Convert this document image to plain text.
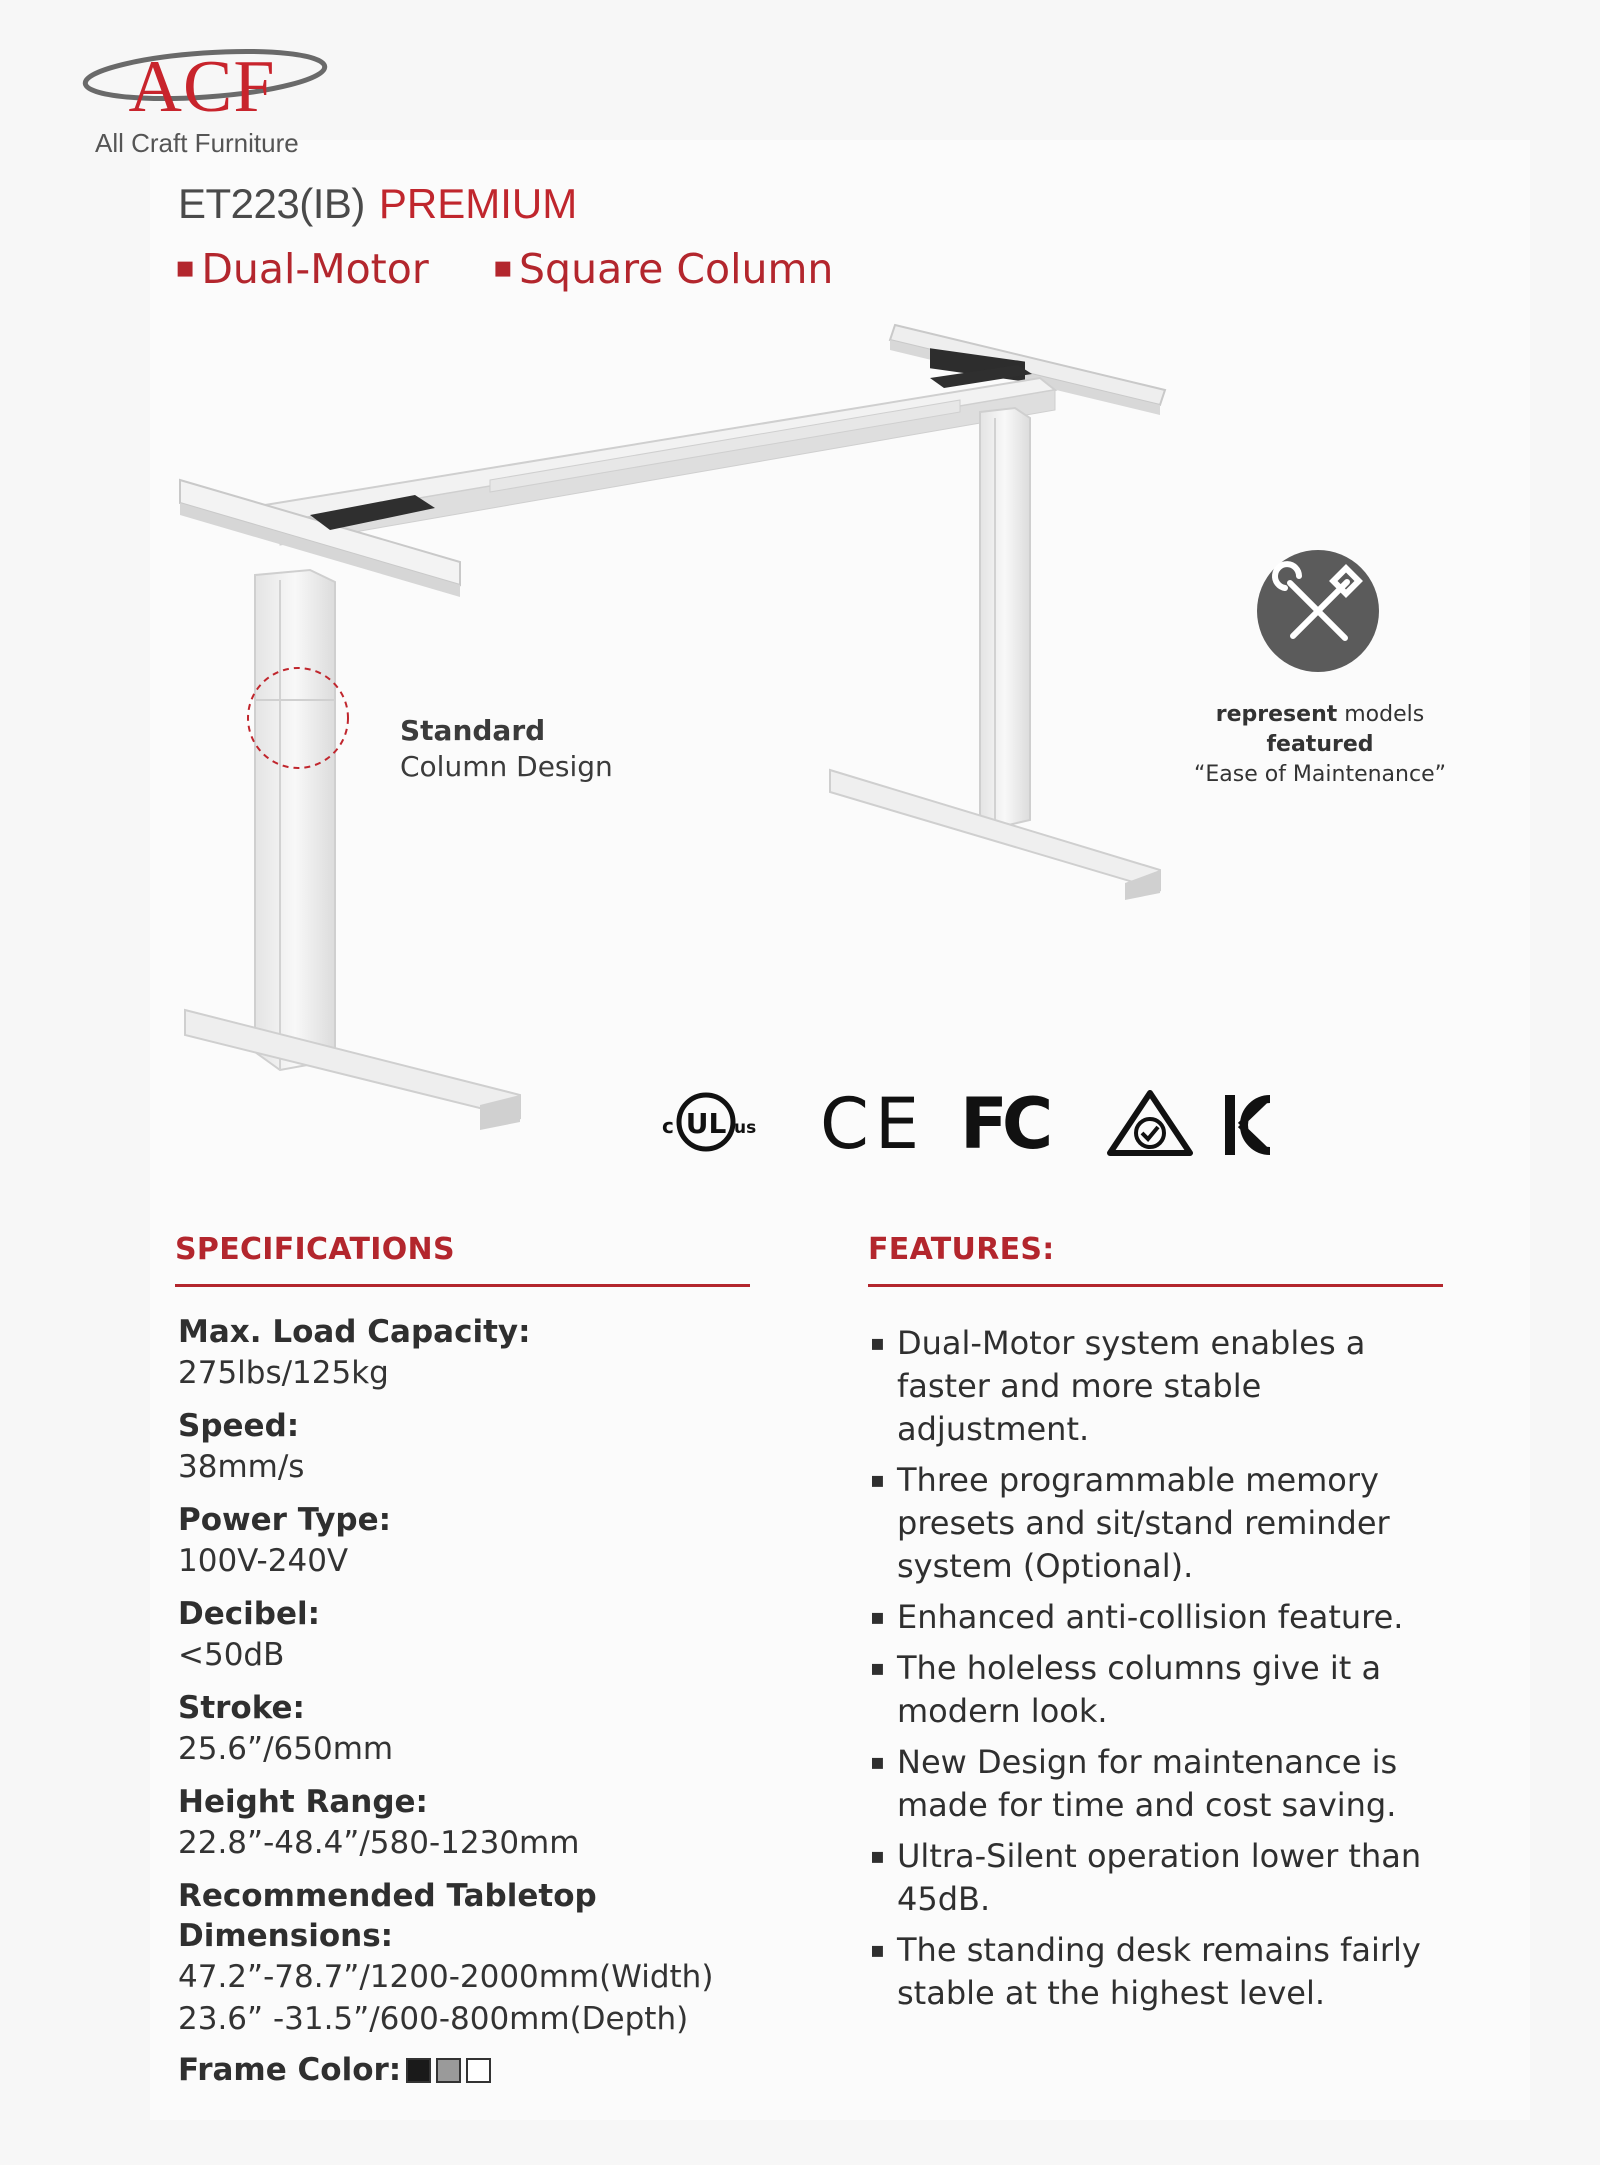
ACF
All Craft Furniture
ET223(IB) PREMIUM
▪ Dual-Motor▪ Square Column
Standard
Column Design
represent models
featured
“Ease of Maintenance”
c UL us CE FC
SPECIFICATIONS
Max. Load Capacity:
275lbs/125kg
Speed:
38mm/s
Power Type:
100V-240V
Decibel:
<50dB
Stroke:
25.6”/650mm
Height Range:
22.8”-48.4”/580-1230mm
Recommended Tabletop Dimensions:
47.2”-78.7”/1200-2000mm(Width)
23.6” -31.5”/600-800mm(Depth)
Frame Color:
FEATURES:
▪ Dual-Motor system enables a faster and more stable adjustment.
▪ Three programmable memory presets and sit/stand reminder system (Optional).
▪ Enhanced anti-collision feature.
▪ The holeless columns give it a modern look.
▪ New Design for maintenance is made for time and cost saving.
▪ Ultra-Silent operation lower than 45dB.
▪ The standing desk remains fairly stable at the highest level.
